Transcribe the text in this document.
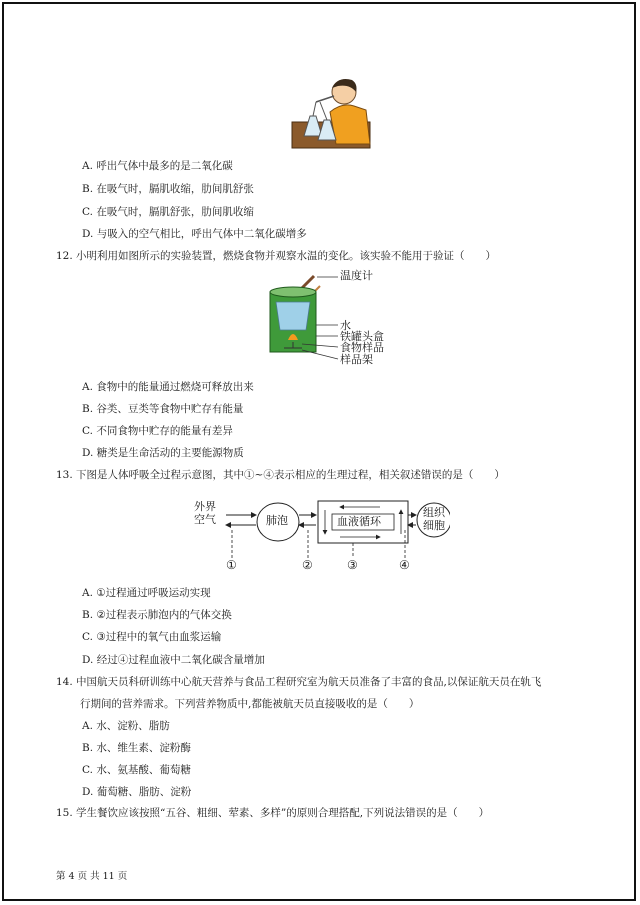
A. 呼出气体中最多的是二氧化碳
B. 在吸气时，膈肌收缩，肋间肌舒张
C. 在吸气时，膈肌舒张，肋间肌收缩
D. 与吸入的空气相比，呼出气体中二氧化碳增多
12. 小明利用如图所示的实验装置，燃烧食物并观察水温的变化。该实验不能用于验证（　　）
温度计
水
铁罐头盒
食物样品
样品架
A. 食物中的能量通过燃烧可释放出来
B. 谷类、豆类等食物中贮存有能量
C. 不同食物中贮存的能量有差异
D. 糖类是生命活动的主要能源物质
13. 下图是人体呼吸全过程示意图，其中①~④表示相应的生理过程，相关叙述错误的是（　　）
外界
空气	肺泡	血液循环
组织
细胞
①	②	③	④
A. ①过程通过呼吸运动实现
B. ②过程表示肺泡内的气体交换
C. ③过程中的氧气由血浆运输
D. 经过④过程血液中二氧化碳含量增加
14. 中国航天员科研训练中心航天营养与食品工程研究室为航天员准备了丰富的食品,以保证航天员在轨飞
行期间的营养需求。下列营养物质中,都能被航天员直接吸收的是（　　）
A. 水、淀粉、脂肪
B. 水、维生素、淀粉酶
C. 水、氨基酸、葡萄糖
D. 葡萄糖、脂肪、淀粉
15. 学生餐饮应该按照“五谷、粗细、荤素、多样”的原则合理搭配,下列说法错误的是（　　）
第 4 页 共 11 页
